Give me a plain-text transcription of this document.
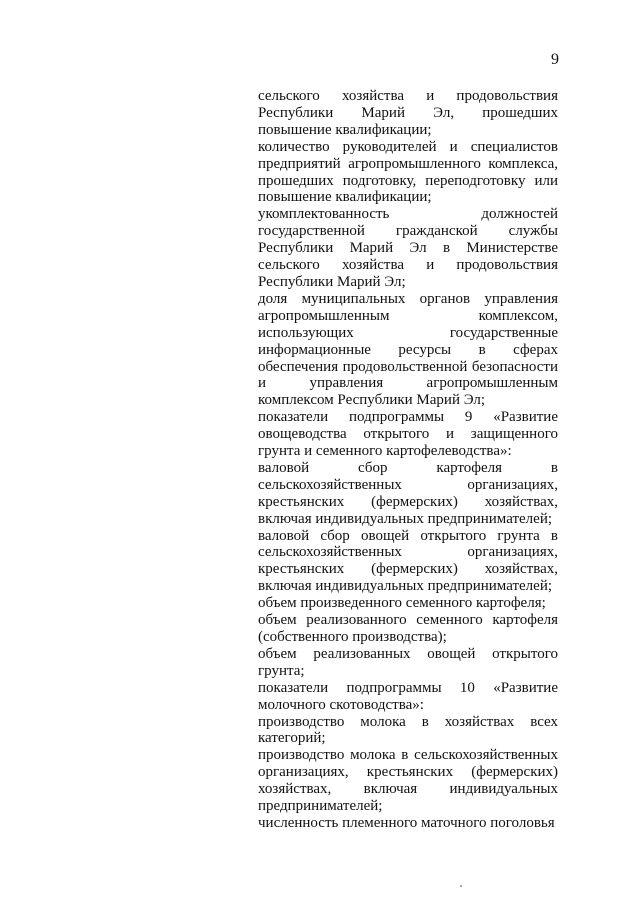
9

сельского хозяйства и продовольствия Республики Марий Эл, прошедших повышение квалификации;

количество руководителей и специалистов предприятий агропромышленного комплекса, прошедших подготовку, переподготовку или повышение квалификации;

укомплектованность должностей государственной гражданской службы Республики Марий Эл в Министерстве сельского хозяйства и продовольствия Республики Марий Эл;

доля муниципальных органов управления агропромышленным комплексом, использующих государственные информационные ресурсы в сферах обеспечения продовольственной безопасности и управления агропромышленным комплексом Республики Марий Эл;

показатели подпрограммы 9 «Развитие овощеводства открытого и защищенного грунта и семенного картофелеводства»:

валовой сбор картофеля в сельскохозяйственных организациях, крестьянских (фермерских) хозяйствах, включая индивидуальных предпринимателей;

валовой сбор овощей открытого грунта в сельскохозяйственных организациях, крестьянских (фермерских) хозяйствах, включая индивидуальных предпринимателей;

объем произведенного семенного картофеля;

объем реализованного семенного картофеля (собственного производства);

объем реализованных овощей открытого грунта;

показатели подпрограммы 10 «Развитие молочного скотоводства»:

производство молока в хозяйствах всех категорий;

производство молока в сельскохозяйственных организациях, крестьянских (фермерских) хозяйствах, включая индивидуальных предпринимателей;

численность племенного маточного поголовья
